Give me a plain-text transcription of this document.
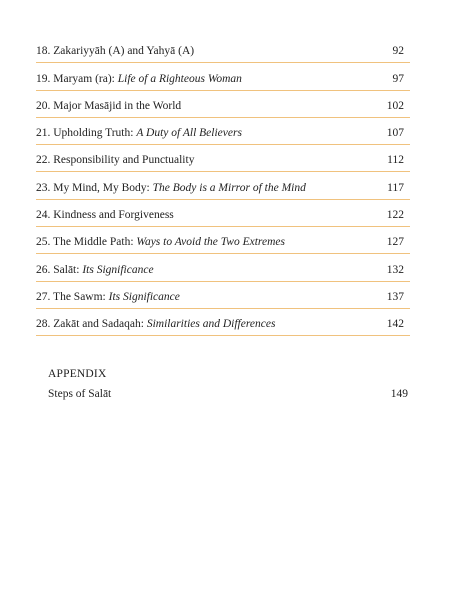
18. Zakariyyāh (A) and Yahyā (A)	92
19. Maryam (ra): Life of a Righteous Woman	97
20. Major Masājid in the World	102
21. Upholding Truth: A Duty of All Believers	107
22. Responsibility and Punctuality	112
23. My Mind, My Body: The Body is a Mirror of the Mind	117
24. Kindness and Forgiveness	122
25. The Middle Path: Ways to Avoid the Two Extremes	127
26. Salāt: Its Significance	132
27. The Sawm: Its Significance	137
28. Zakāt and Sadaqah: Similarities and Differences	142
APPENDIX
Steps of Salāt	149
